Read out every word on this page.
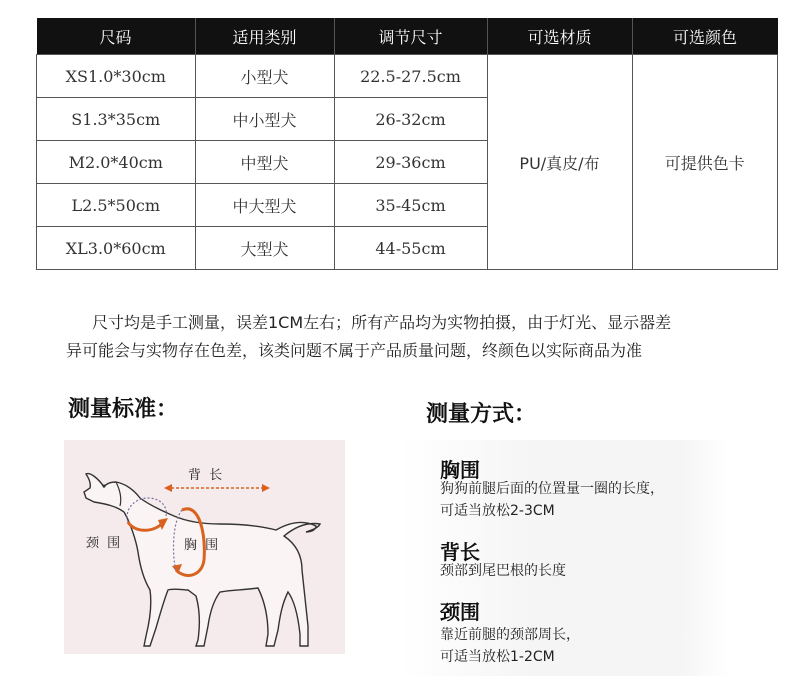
尺码	适用类别	调节尺寸	可选材质	可选颜色
XS1.0*30cm	小型犬	22.5-27.5cm	PU/真皮/布	可提供色卡
S1.3*35cm	中小型犬	26-32cm		
M2.0*40cm	中型犬	29-36cm		
L2.5*50cm	中大型犬	35-45cm		
XL3.0*60cm	大型犬	44-55cm		
尺寸均是手工测量，误差1CM左右；所有产品均为实物拍摄，由于灯光、显示器差
异可能会与实物存在色差，该类问题不属于产品质量问题，终颜色以实际商品为准
测量标准：	测量方式：
背 长
颈 围	胸 围
胸围
狗狗前腿后面的位置量一圈的长度，
可适当放松2-3CM
背长
颈部到尾巴根的长度
颈围
靠近前腿的颈部周长，
可适当放松1-2CM
